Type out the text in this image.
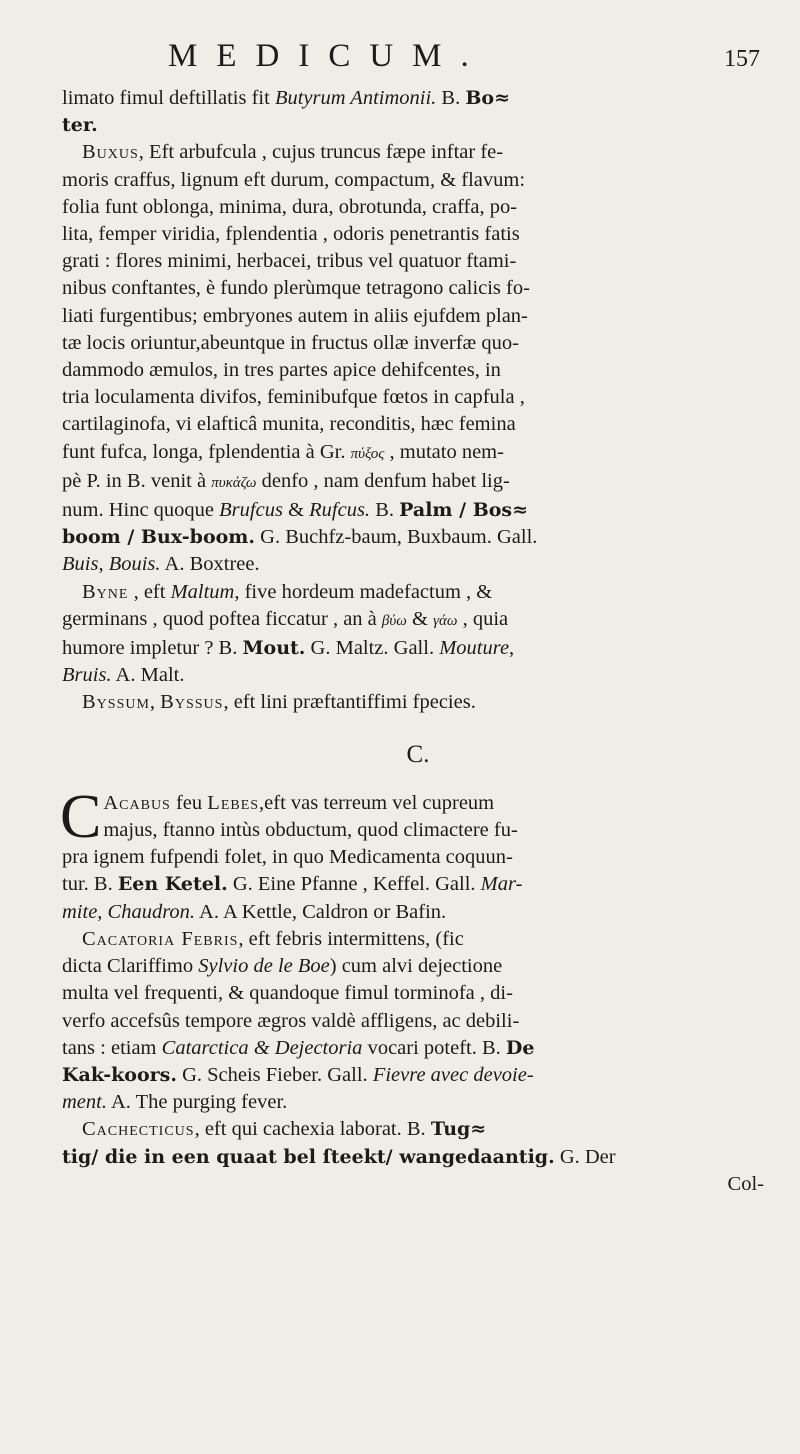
MEDICUM.	157
limato fimul deftillatis fit Butyrum Antimonii. B. Bo≈
ter.
Buxus, Eft arbufcula , cujus truncus fæpe inftar fe-
moris craffus, lignum eft durum, compactum, & flavum:
folia funt oblonga, minima, dura, obrotunda, craffa, po-
lita, femper viridia, fplendentia , odoris penetrantis fatis
grati : flores minimi, herbacei, tribus vel quatuor ftami-
nibus conftantes, è fundo plerùmque tetragono calicis fo-
liati furgentibus; embryones autem in aliis ejufdem plan-
tæ locis oriuntur,abeuntque in fructus ollæ inverfæ quo-
dammodo æmulos, in tres partes apice dehifcentes, in
tria loculamenta divifos, feminibufque fœtos in capfula ,
cartilaginofa, vi elafticâ munita, reconditis, hæc femina
funt fufca, longa, fplendentia à Gr. πύξος , mutato nem-
pè P. in B. venit à πυκάζω denfo , nam denfum habet lig-
num. Hinc quoque Brufcus & Rufcus. B. Palm / Bos≈
boom / Bux-boom. G. Buchfz-baum, Buxbaum. Gall.
Buis, Bouis. A. Boxtree.
Byne , eft Maltum, five hordeum madefactum , &
germinans , quod poftea ficcatur , an à βύω & γάω , quia
humore impletur ? B. Mout. G. Maltz. Gall. Mouture,
Bruis. A. Malt.
Byssum, Byssus, eft lini præftantiffimi fpecies.
C.
C Acabus feu Lebes,eft vas terreum vel cupreum
majus, ftanno intùs obductum, quod climactere fu-
pra ignem fufpendi folet, in quo Medicamenta coquun-
tur. B. Een Ketel. G. Eine Pfanne , Keffel. Gall. Mar-
mite, Chaudron. A. A Kettle, Caldron or Bafin.
Cacatoria Febris, eft febris intermittens, (fic
dicta Clariffimo Sylvio de le Boe) cum alvi dejectione
multa vel frequenti, & quandoque fimul torminofa , di-
verfo accefsûs tempore ægros valdè affligens, ac debili-
tans : etiam Catarctica & Dejectoria vocari poteft. B. De
Kak-koors. G. Scheis Fieber. Gall. Fievre avec devoie-
ment. A. The purging fever.
Cachecticus, eft qui cachexia laborat. B. Tug≈
tig/ die in een quaat bel ſteekt/ wangedaantig. G. Der
Col-
